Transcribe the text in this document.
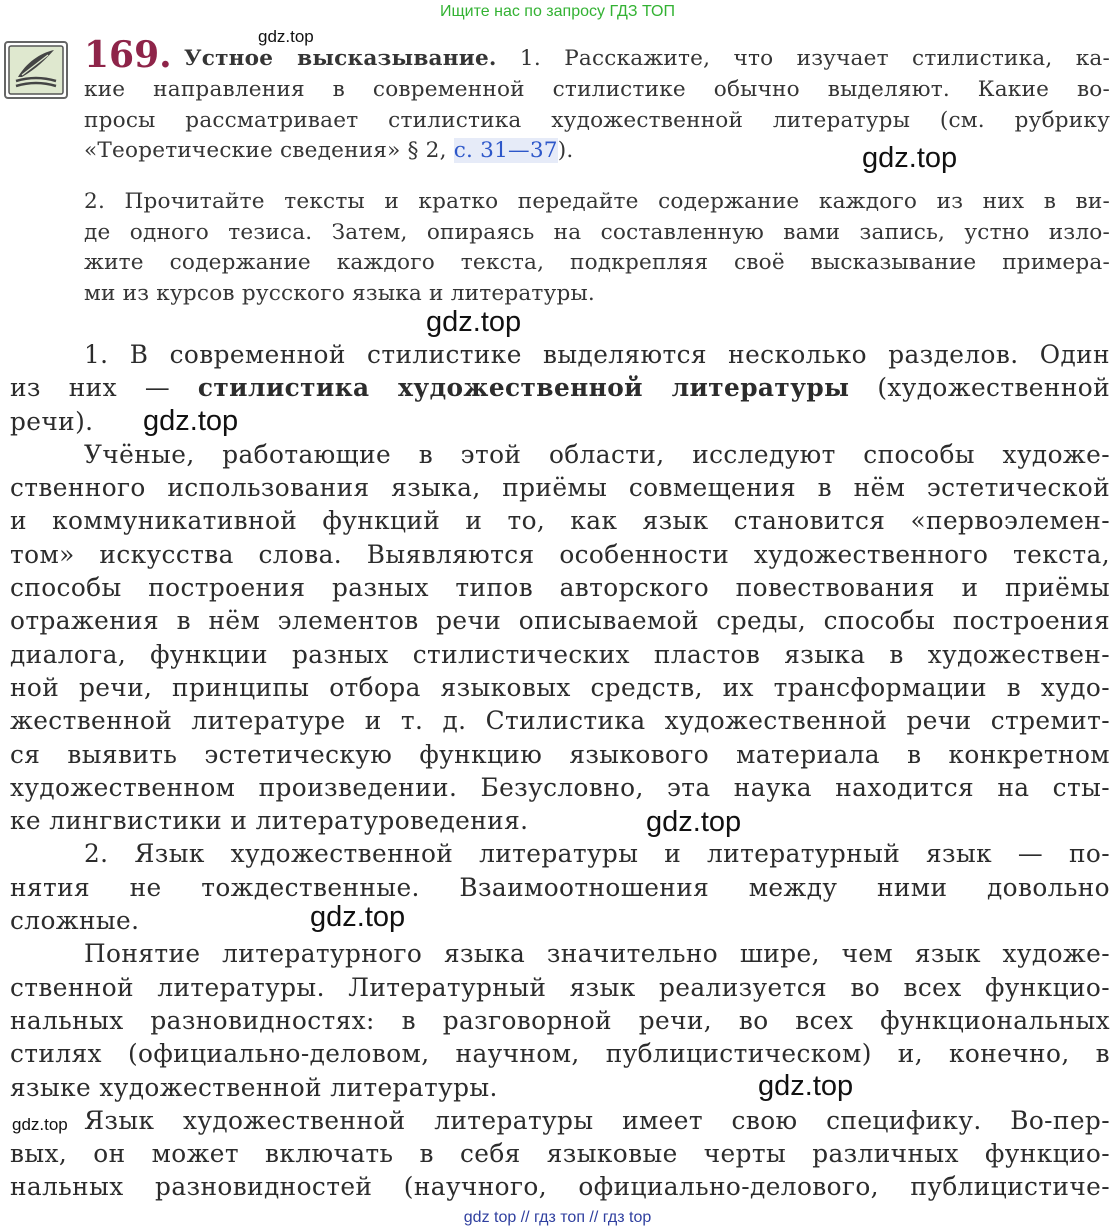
Ищите нас по запросу ГДЗ ТОП
169. Устное высказывание. 1. Расскажите, что изучает стилистика, ка-
кие направления в современной стилистике обычно выделяют. Какие во-
просы рассматривает стилистика художественной литературы (см. рубрику
«Теоретические сведения» § 2, с. 31—37).
2. Прочитайте тексты и кратко передайте содержание каждого из них в ви-
де одного тезиса. Затем, опираясь на составленную вами запись, устно изло-
жите содержание каждого текста, подкрепляя своё высказывание примера-
ми из курсов русского языка и литературы.
1. В современной стилистике выделяются несколько разделов. Один
из них — стилистика художественной литературы (художественной
речи).
Учёные, работающие в этой области, исследуют способы художе-
ственного использования языка, приёмы совмещения в нём эстетической
и коммуникативной функций и то, как язык становится «первоэлемен-
том» искусства слова. Выявляются особенности художественного текста,
способы построения разных типов авторского повествования и приёмы
отражения в нём элементов речи описываемой среды, способы построения
диалога, функции разных стилистических пластов языка в художествен-
ной речи, принципы отбора языковых средств, их трансформации в худо-
жественной литературе и т. д. Стилистика художественной речи стремит-
ся выявить эстетическую функцию языкового материала в конкретном
художественном произведении. Безусловно, эта наука находится на сты-
ке лингвистики и литературоведения.
2. Язык художественной литературы и литературный язык — по-
нятия не тождественные. Взаимоотношения между ними довольно
сложные.
Понятие литературного языка значительно шире, чем язык художе-
ственной литературы. Литературный язык реализуется во всех функцио-
нальных разновидностях: в разговорной речи, во всех функциональных
стилях (официально-деловом, научном, публицистическом) и, конечно, в
языке художественной литературы.
Язык художественной литературы имеет свою специфику. Во-пер-
вых, он может включать в себя языковые черты различных функцио-
нальных разновидностей (научного, официально-делового, публицистиче-
gdz.top
gdz.top
gdz.top
gdz.top
gdz.top
gdz.top
gdz.top
gdz.top
gdz top // гдз топ // гдз top
